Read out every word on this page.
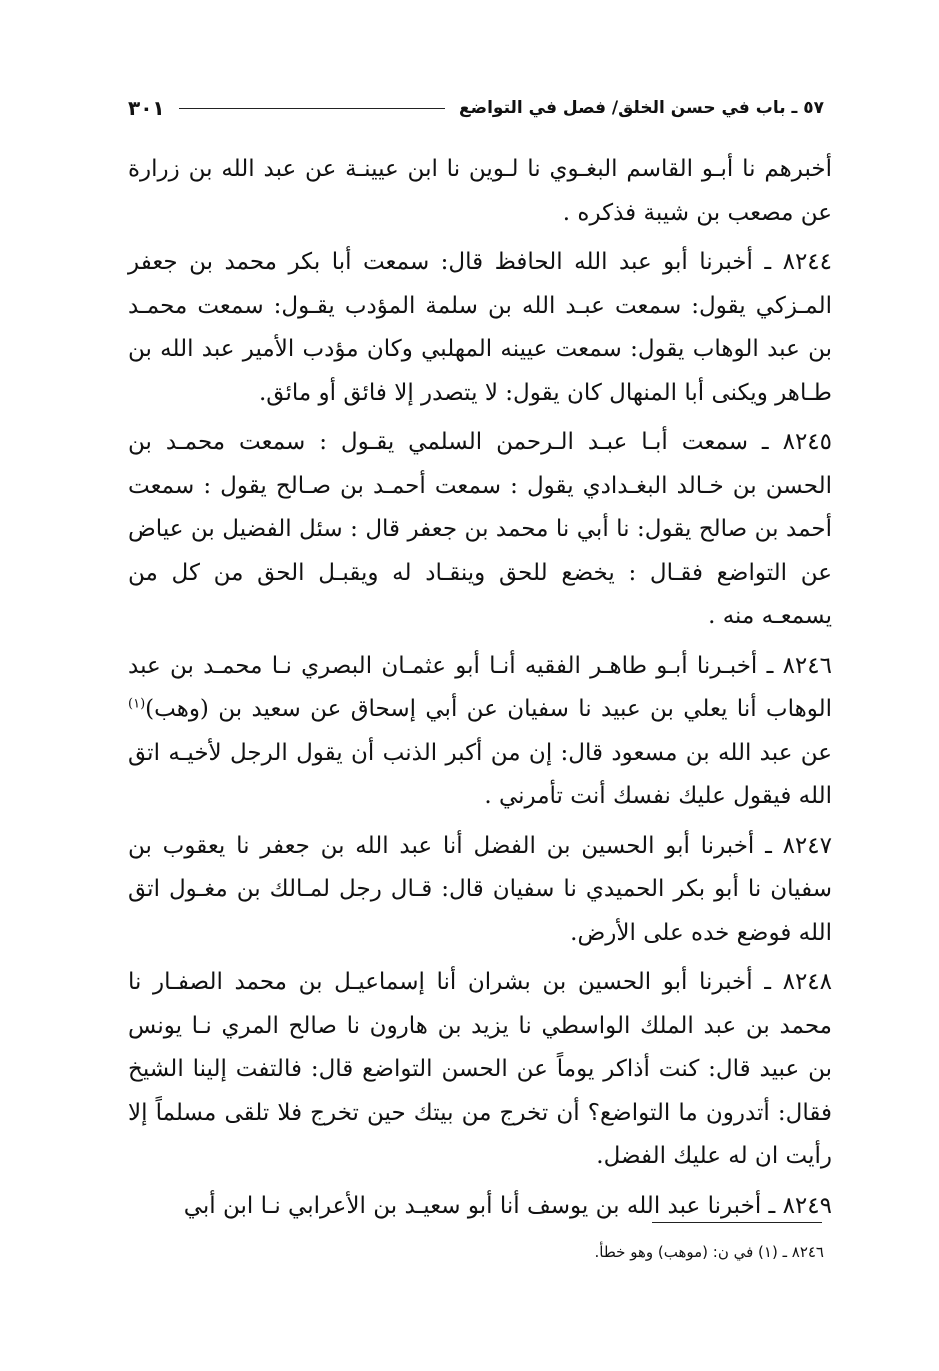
٣٠١	٥٧ ـ باب في حسن الخلق/ فصل في التواضع

أخبرهم نا أبـو القاسم البغـوي نا لـوين نا ابن عيينـة عن عبد الله بن زرارة عن مصعب بن شيبة فذكره .

٨٢٤٤ ـ أخبرنا أبو عبد الله الحافظ قال: سمعت أبا بكر محمد بن جعفر المـزكي يقول: سمعت عبـد الله بن سلمة المؤدب يقـول: سمعت محمـد بن عبد الوهاب يقول: سمعت عيينه المهلبي وكان مؤدب الأمير عبد الله بن طـاهر ويكنى أبا المنهال كان يقول: لا يتصدر إلا فائق أو مائق.

٨٢٤٥ ـ سمعت أبـا عبـد الـرحمن السلمي يقـول : سمعت محمـد بن الحسن بن خـالد البغـدادي يقول : سمعت أحمـد بن صـالح يقول : سمعت أحمد بن صالح يقول: نا أبي نا محمد بن جعفر قال : سئل الفضيل بن عياض عن التواضع فقـال : يخضع للحق وينقـاد له ويقبـل الحق من كل من يسمعـه منه .

٨٢٤٦ ـ أخبـرنا أبـو طاهـر الفقيه أنـا أبو عثمـان البصري نـا محمـد بن عبد الوهاب أنا يعلي بن عبيد نا سفيان عن أبي إسحاق عن سعيد بن (وهب)$^{(١)}$ عن عبد الله بن مسعود قال: إن من أكبر الذنب أن يقول الرجل لأخيـه اتق الله فيقول عليك نفسك أنت تأمرني .

٨٢٤٧ ـ أخبرنا أبو الحسين بن الفضل أنا عبد الله بن جعفر نا يعقوب بن سفيان نا أبو بكر الحميدي نا سفيان قال: قـال رجل لمـالك بن مغـول اتق الله فوضع خده على الأرض.

٨٢٤٨ ـ أخبرنا أبو الحسين بن بشران أنا إسماعيـل بن محمد الصفـار نا محمد بن عبد الملك الواسطي نا يزيد بن هارون نا صالح المري نـا يونس بن عبيد قال: كنت أذاكر يوماً عن الحسن التواضع قال: فالتفت إلينا الشيخ فقال: أتدرون ما التواضع؟ أن تخرج من بيتك حين تخرج فلا تلقى مسلماً إلا رأيت ان له عليك الفضل.

٨٢٤٩ ـ أخبرنا عبد الله بن يوسف أنا أبو سعيـد بن الأعرابي نـا ابن أبي

٨٢٤٦ ـ (١) في ن: (موهب) وهو خطأ.
